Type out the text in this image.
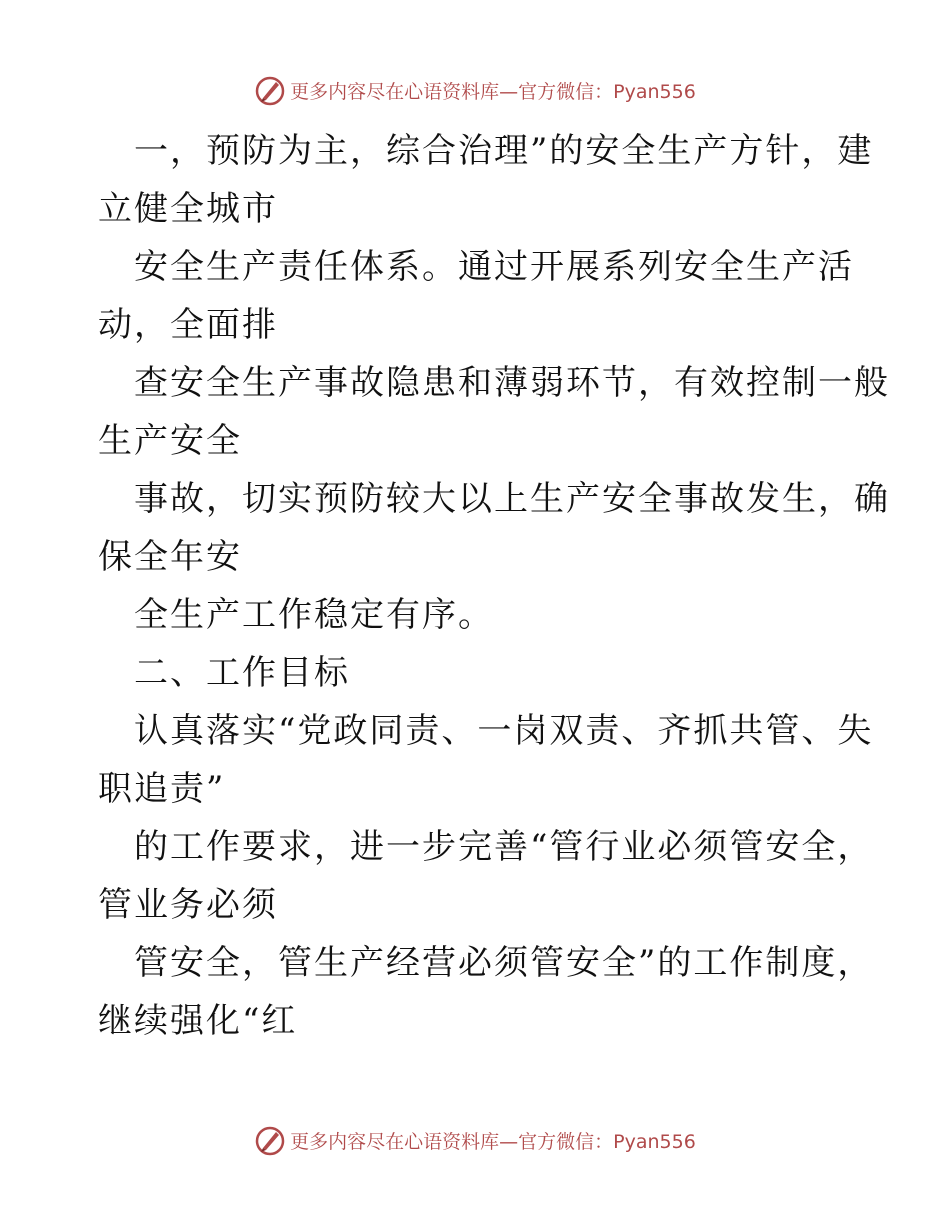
更多内容尽在心语资料库—官方微信：Pyan556
一，预防为主，综合治理”的安全生产方针，建
立健全城市
安全生产责任体系。通过开展系列安全生产活
动，全面排
查安全生产事故隐患和薄弱环节，有效控制一般
生产安全
事故，切实预防较大以上生产安全事故发生，确
保全年安
全生产工作稳定有序。
二、工作目标
认真落实“党政同责、一岗双责、齐抓共管、失
职追责”
的工作要求，进一步完善“管行业必须管安全，
管业务必须
管安全，管生产经营必须管安全”的工作制度，
继续强化“红
更多内容尽在心语资料库—官方微信：Pyan556
